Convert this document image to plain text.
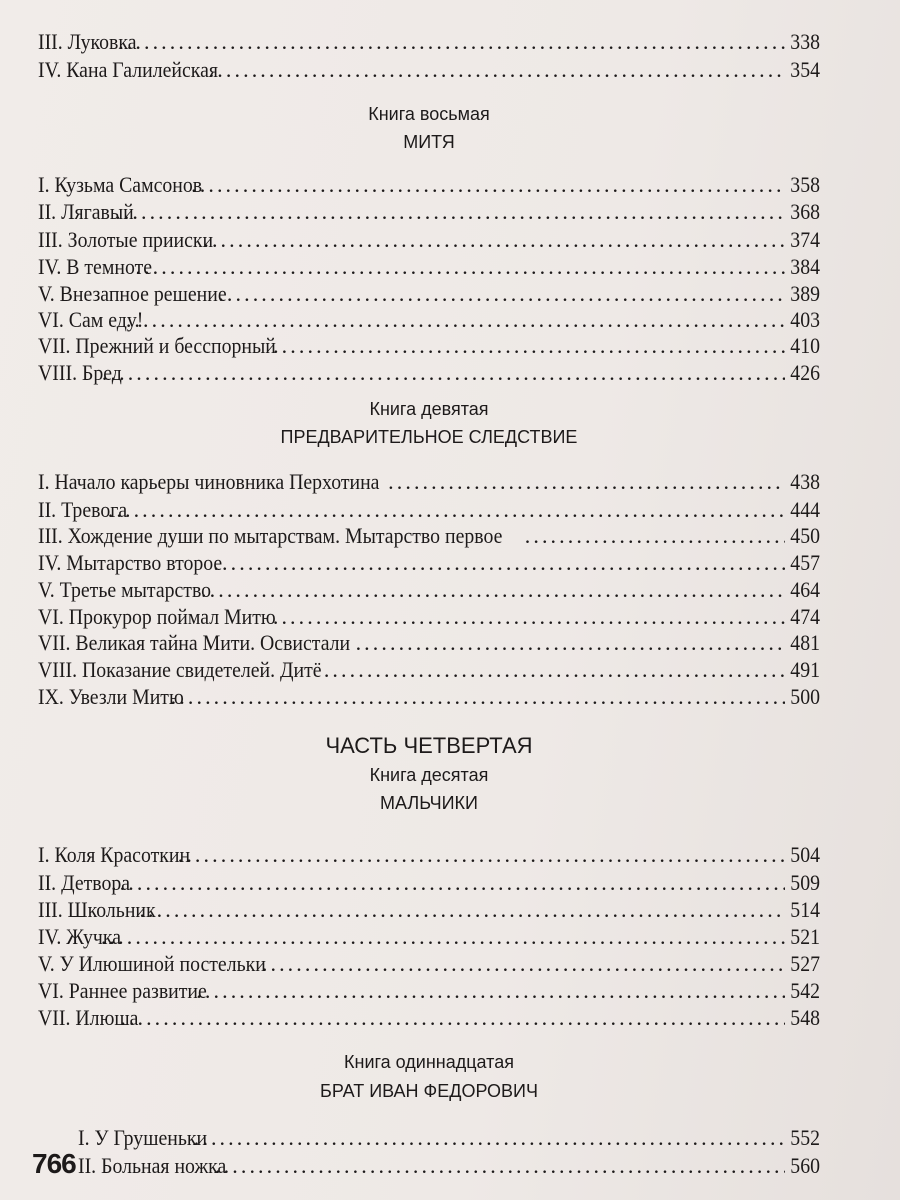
III. Луковка . . .	338
IV. Кана Галилейская . . .	354
Книга восьмая
МИТЯ
I. Кузьма Самсонов . . .	358
II. Лягавый . . .	368
III. Золотые прииски . . .	374
IV. В темноте . . .	384
V. Внезапное решение . . .	389
VI. Сам еду! . . .	403
VII. Прежний и бесспорный . . .	410
VIII. Бред . . .	426
Книга девятая
ПРЕДВАРИТЕЛЬНОЕ СЛЕДСТВИЕ
I. Начало карьеры чиновника Перхотина . . .	438
II. Тревога . . .	444
III. Хождение души по мытарствам. Мытарство первое . . .	450
IV. Мытарство второе . . .	457
V. Третье мытарство . . .	464
VI. Прокурор поймал Митю . . .	474
VII. Великая тайна Мити. Освистали . . .	481
VIII. Показание свидетелей. Дитё . . .	491
IX. Увезли Митю . . .	500
ЧАСТЬ ЧЕТВЕРТАЯ
Книга десятая
МАЛЬЧИКИ
I. Коля Красоткин . . .	504
II. Детвора . . .	509
III. Школьник . . .	514
IV. Жучка . . .	521
V. У Илюшиной постельки . . .	527
VI. Раннее развитие . . .	542
VII. Илюша . . .	548
Книга одиннадцатая
БРАТ ИВАН ФЕДОРОВИЧ
I. У Грушеньки . . .	552
II. Больная ножка . . .	560
766
